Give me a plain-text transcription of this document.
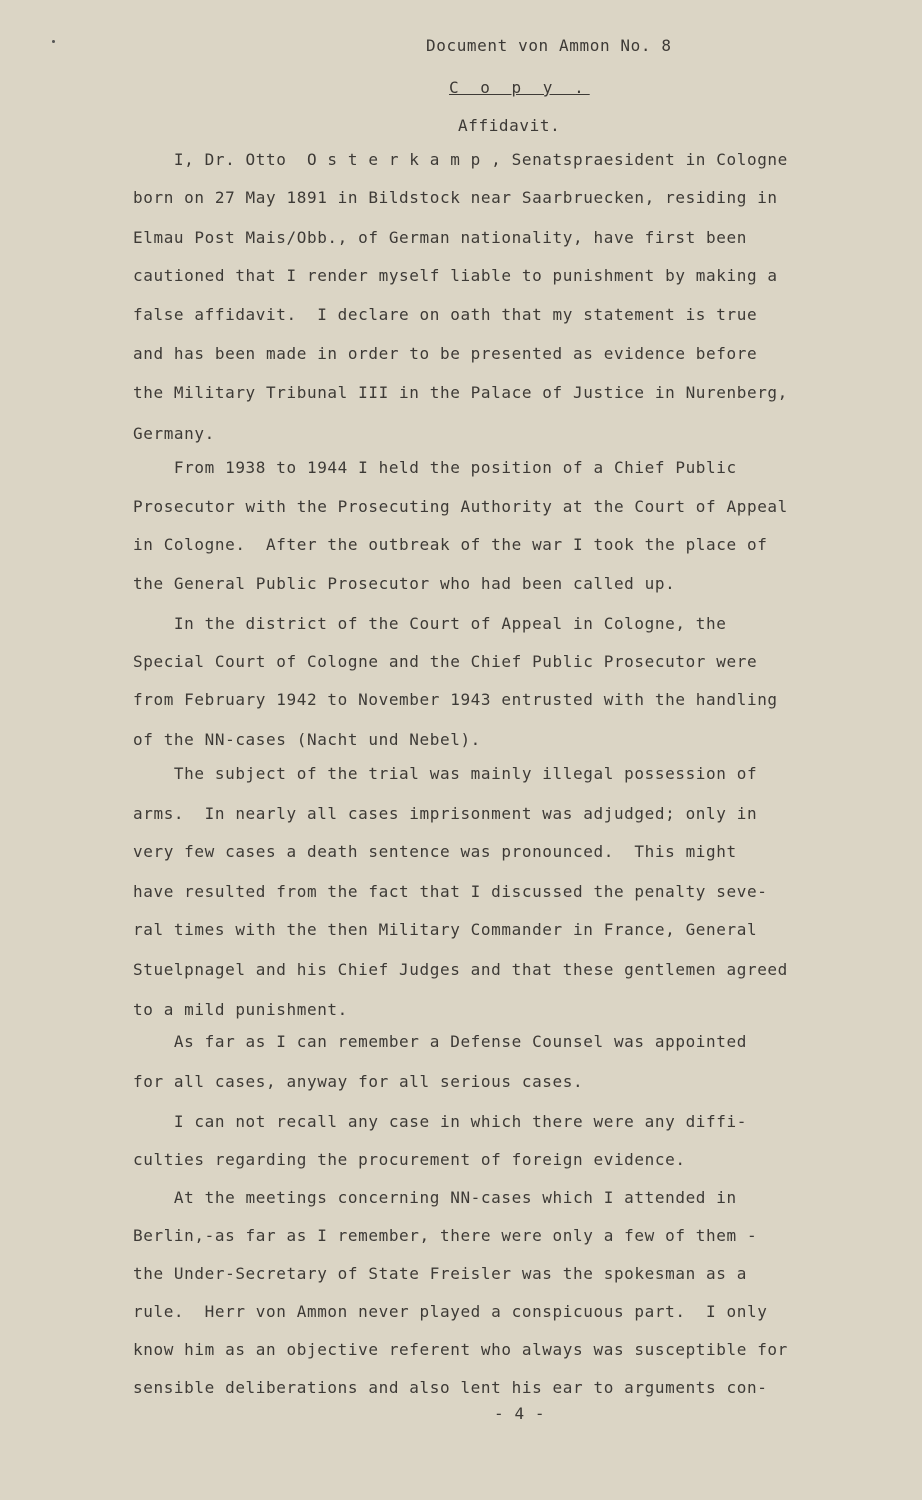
Document von Ammon No. 8
C o p y .
Affidavit.
I, Dr. Otto  O s t e r k a m p , Senatspraesident in Cologne
born on 27 May 1891 in Bildstock near Saarbruecken, residing in
Elmau Post Mais/Obb., of German nationality, have first been
cautioned that I render myself liable to punishment by making a
false affidavit.  I declare on oath that my statement is true
and has been made in order to be presented as evidence before
the Military Tribunal III in the Palace of Justice in Nurenberg,
Germany.
From 1938 to 1944 I held the position of a Chief Public
Prosecutor with the Prosecuting Authority at the Court of Appeal
in Cologne.  After the outbreak of the war I took the place of
the General Public Prosecutor who had been called up.
In the district of the Court of Appeal in Cologne, the
Special Court of Cologne and the Chief Public Prosecutor were
from February 1942 to November 1943 entrusted with the handling
of the NN-cases (Nacht und Nebel).
The subject of the trial was mainly illegal possession of
arms.  In nearly all cases imprisonment was adjudged; only in
very few cases a death sentence was pronounced.  This might
have resulted from the fact that I discussed the penalty seve-
ral times with the then Military Commander in France, General
Stuelpnagel and his Chief Judges and that these gentlemen agreed
to a mild punishment.
As far as I can remember a Defense Counsel was appointed
for all cases, anyway for all serious cases.
I can not recall any case in which there were any diffi-
culties regarding the procurement of foreign evidence.
At the meetings concerning NN-cases which I attended in
Berlin,-as far as I remember, there were only a few of them -
the Under-Secretary of State Freisler was the spokesman as a
rule.  Herr von Ammon never played a conspicuous part.  I only
know him as an objective referent who always was susceptible for
sensible deliberations and also lent his ear to arguments con-
- 4 -
